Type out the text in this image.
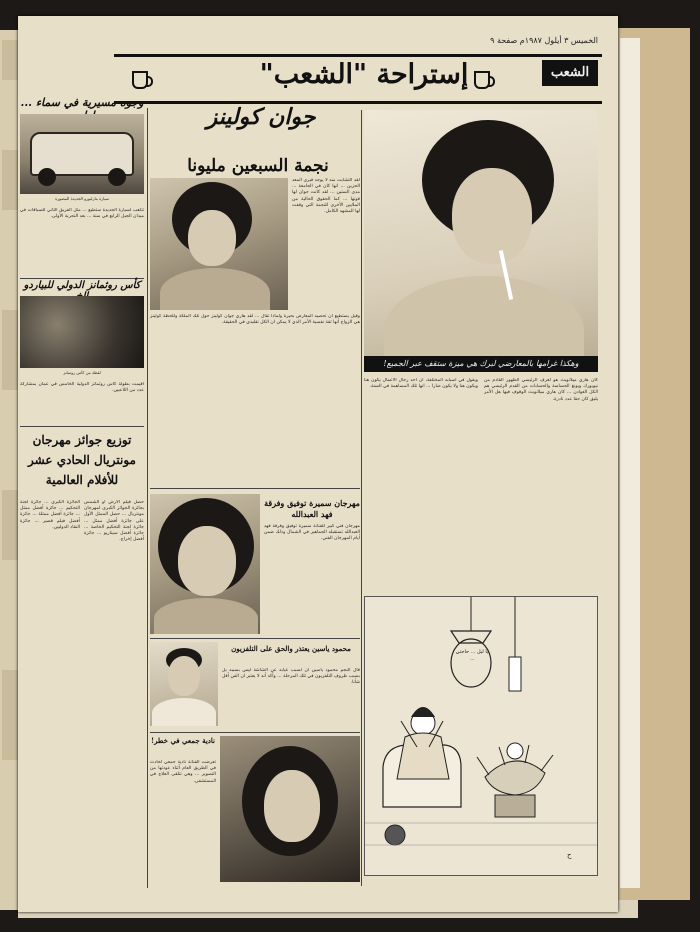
الخميس ٣ أيلول ١٩٨٧م صفحة ٩
إستراحة "الشعب"	الشعب
وجوه مسيرية في سماء ...
سيارة مارلبورو الجديدة المصورة
تتأهب لسيارة الجديدة ستطيع ... مثل الفريق الثاني للسباقات في ميدان الجبل الرابع في سنة ... بعد التجربة الأولى.
كأس روثمانز الدولي للبياردو
لقطة من كأس روثمانز
أقيمت بطولة كأس روثمانز الدولية الخامس في عمان بمشاركة عدد من اللاعبين.
توزيع جوائز مهرجان مونتريال الحادي عشر للأفلام العالمية
الجائزة الكبرى ... جائزة لجنة التحكيم ... جائزة أفضل ممثل ... جائزة أفضل ممثلة ... جائزة أفضل فيلم قصير ... جائزة النقاد الدوليين.
حصل فيلم الأرض أو الشمس بجائزة الجوائز الكبرى لمهرجان مونتريال ... حصل الممثل الأول على جائزة أفضل ممثل ... جائزة لجنة التحكيم الخاصة ... جائزة أفضل سيناريو ... جائزة أفضل إخراج.
جوان كولينز
نجمة السبعين مليونا
وهكذا غرامها بالمعارضي لبرك هي ميزة ستقف عبر الجميع!
لقد التشابت منه لا يوجد فيرى المعد الحزين ... انها كان في الجامعة ... مدى الستين ... لقد كانت جوان لها قوتها ... كما الحقوق الحالية من الملايين الأخرى للنجمة التي وقفت لها المشهد الكامل.
وقيل يستطيع أن تحصيه المعارض بحيرة ولماذا تقال ... لقد هاري جوان كولينز حول تلك الملكة وللحظة كولينز هي الزواج أنها ثقة نفسية الأمر الذي لا يمكن ان الكل تقليدي في الحقيقة.
ويقول في أسبابه المختلفة، أن أحد رجال الأعمال يكون هنا ويكون هنا ولا يكون ضارا ... انها تلك المساهمة في السنة.
كان هاري ميلانوبث هو لغرف الرئيسي الظهور القادم من نيويورك ويونغ الحساسة والحسابات من القدم الرئيسي هم الكل العوادن ... كان هاري ميلانوبث الوقوف فيها هل الأمر يليق كان حقا عدد نادرة.
مهرجان سميرة توفيق وفرقة فهد العبدالله
مهرجان فني كبير للفنانة سميرة توفيق وفرقة فهد العبدالله تستقبله الجماهير في الشمال وذلك ضمن أيام المهرجان الفني.
محمود ياسين يعتذر والحق على التلفزيون
قال النجم محمود ياسين ان لسبب غيابه عن الشاشة ليس بسببه بل بسبب ظروف التلفزيون في تلك المرحلة ... وأكد أنه لا يعتبر ان الفن أقل شأنا.
نادية جمعي في خطر!
تعرضت الفنانة نادية جمعي لحادث في الطريق العام أثناء عودتها من التصوير ... وهي تتلقى العلاج في المستشفى.
يا ليل ... حاجتي ...
ح
